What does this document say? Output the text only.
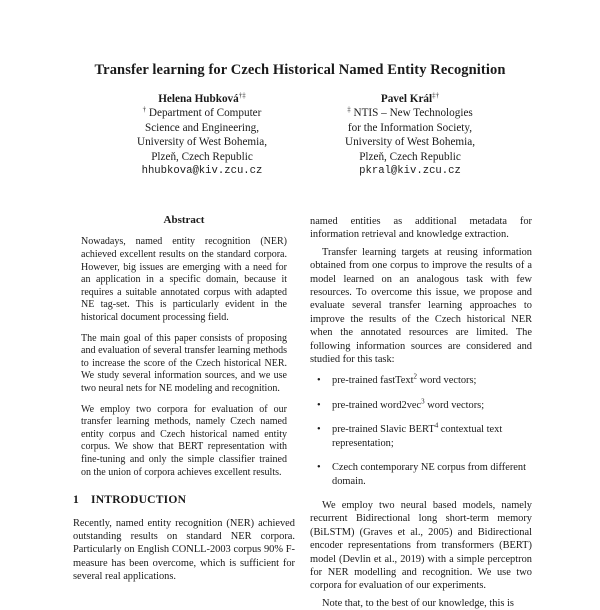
Transfer learning for Czech Historical Named Entity Recognition
Helena Hubková†‡
† Department of Computer
Science and Engineering,
University of West Bohemia,
Plzeň, Czech Republic
hhubkova@kiv.zcu.cz
Pavel Král‡†
‡ NTIS – New Technologies
for the Information Society,
University of West Bohemia,
Plzeň, Czech Republic
pkral@kiv.zcu.cz
Abstract

Nowadays, named entity recognition (NER) achieved excellent results on the standard corpora. However, big issues are emerging with a need for an application in a specific domain, because it requires a suitable annotated corpus with adapted NE tag-set. This is particularly evident in the historical document processing field.

The main goal of this paper consists of proposing and evaluation of several transfer learning methods to increase the score of the Czech historical NER. We study several information sources, and we use two neural nets for NE modeling and recognition.

We employ two corpora for evaluation of our transfer learning methods, namely Czech named entity corpus and Czech historical named entity corpus. We show that BERT representation with fine-tuning and only the simple classifier trained on the union of corpora achieves excellent results.

1 INTRODUCTION

Recently, named entity recognition (NER) achieved outstanding results on standard NER corpora. Particularly on English CONLL-2003 corpus 90% F-measure has been overcome, which is sufficient for several real applications.

named entities as additional metadata for information retrieval and knowledge extraction.

Transfer learning targets at reusing information obtained from one corpus to improve the results of a model learned on an analogous task with few resources. To overcome this issue, we propose and evaluate several transfer learning approaches to improve the results of the Czech historical NER when the annotated resources are limited. The following information sources are considered and studied for this task:

• pre-trained fastText$^2$ word vectors;
• pre-trained word2vec$^3$ word vectors;
• pre-trained Slavic BERT$^4$ contextual text representation;
• Czech contemporary NE corpus from different domain.

We employ two neural based models, namely recurrent Bidirectional long short-term memory (BiLSTM) (Graves et al., 2005) and Bidirectional encoder representations from transformers (BERT) model (Devlin et al., 2019) with a simple perceptron for NER modelling and recognition. We use two corpora for evaluation of our experiments.

Note that, to the best of our knowledge, this is
